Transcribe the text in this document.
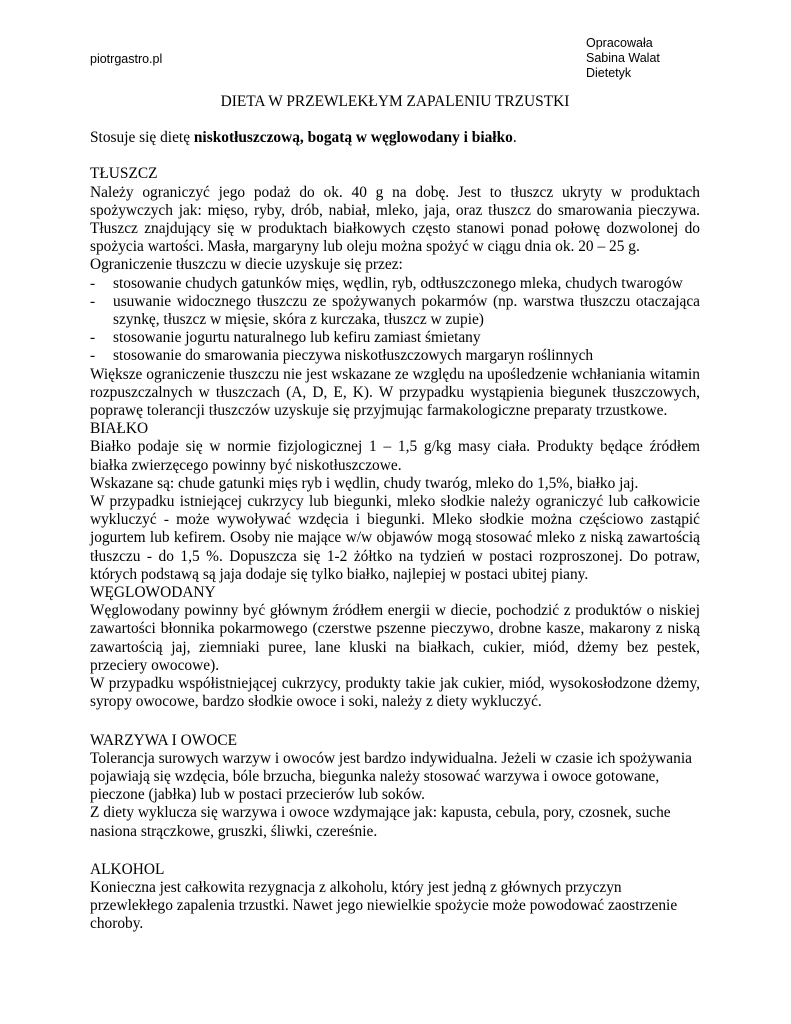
piotrgastro.pl
Opracowała
Sabina Walat
Dietetyk

DIETA W PRZEWLEKŁYM ZAPALENIU TRZUSTKI

Stosuje się dietę niskotłuszczową, bogatą w węglowodany i białko.

TŁUSZCZ

Należy ograniczyć jego podaż do ok. 40 g na dobę. Jest to tłuszcz ukryty w produktach spożywczych jak: mięso, ryby, drób, nabiał, mleko, jaja, oraz tłuszcz do smarowania pieczywa. Tłuszcz znajdujący się w produktach białkowych często stanowi ponad połowę dozwolonej do spożycia wartości. Masła, margaryny lub oleju można spożyć w ciągu dnia ok. 20 – 25 g.

Ograniczenie tłuszczu w diecie uzyskuje się przez:

- stosowanie chudych gatunków mięs, wędlin, ryb, odtłuszczonego mleka, chudych twarogów
- usuwanie widocznego tłuszczu ze spożywanych pokarmów (np. warstwa tłuszczu otaczająca szynkę, tłuszcz w mięsie, skóra z kurczaka, tłuszcz w zupie)
- stosowanie jogurtu naturalnego lub kefiru zamiast śmietany
- stosowanie do smarowania pieczywa niskotłuszczowych margaryn roślinnych

Większe ograniczenie tłuszczu nie jest wskazane ze względu na upośledzenie wchłaniania witamin rozpuszczalnych w tłuszczach (A, D, E, K). W przypadku wystąpienia biegunek tłuszczowych, poprawę tolerancji tłuszczów uzyskuje się przyjmując farmakologiczne preparaty trzustkowe.

BIAŁKO

Białko podaje się w normie fizjologicznej 1 – 1,5 g/kg masy ciała. Produkty będące źródłem białka zwierzęcego powinny być niskotłuszczowe.

Wskazane są: chude gatunki mięs ryb i wędlin, chudy twaróg, mleko do 1,5%, białko jaj.

W przypadku istniejącej cukrzycy lub biegunki, mleko słodkie należy ograniczyć lub całkowicie wykluczyć - może wywoływać wzdęcia i biegunki. Mleko słodkie można częściowo zastąpić jogurtem lub kefirem. Osoby nie mające w/w objawów mogą stosować mleko z niską zawartością tłuszczu - do 1,5 %. Dopuszcza się 1-2 żółtko na tydzień w postaci rozproszonej. Do potraw, których podstawą są jaja dodaje się tylko białko, najlepiej w postaci ubitej piany.

WĘGLOWODANY

Węglowodany powinny być głównym źródłem energii w diecie, pochodzić z produktów o niskiej zawartości błonnika pokarmowego (czerstwe pszenne pieczywo, drobne kasze, makarony z niską zawartością jaj, ziemniaki puree, lane kluski na białkach, cukier, miód, dżemy bez pestek, przeciery owocowe).

W przypadku współistniejącej cukrzycy, produkty takie jak cukier, miód, wysokosłodzone dżemy, syropy owocowe, bardzo słodkie owoce i soki, należy z diety wykluczyć.

WARZYWA I OWOCE

Tolerancja surowych warzyw i owoców jest bardzo indywidualna. Jeżeli w czasie ich spożywania pojawiają się wzdęcia, bóle brzucha, biegunka należy stosować warzywa i owoce gotowane, pieczone (jabłka) lub w postaci przecierów lub soków.

Z diety wyklucza się warzywa i owoce wzdymające jak: kapusta, cebula, pory, czosnek, suche nasiona strączkowe, gruszki, śliwki, czereśnie.

ALKOHOL

Konieczna jest całkowita rezygnacja z alkoholu, który jest jedną z głównych przyczyn przewlekłego zapalenia trzustki. Nawet jego niewielkie spożycie może powodować zaostrzenie choroby.
